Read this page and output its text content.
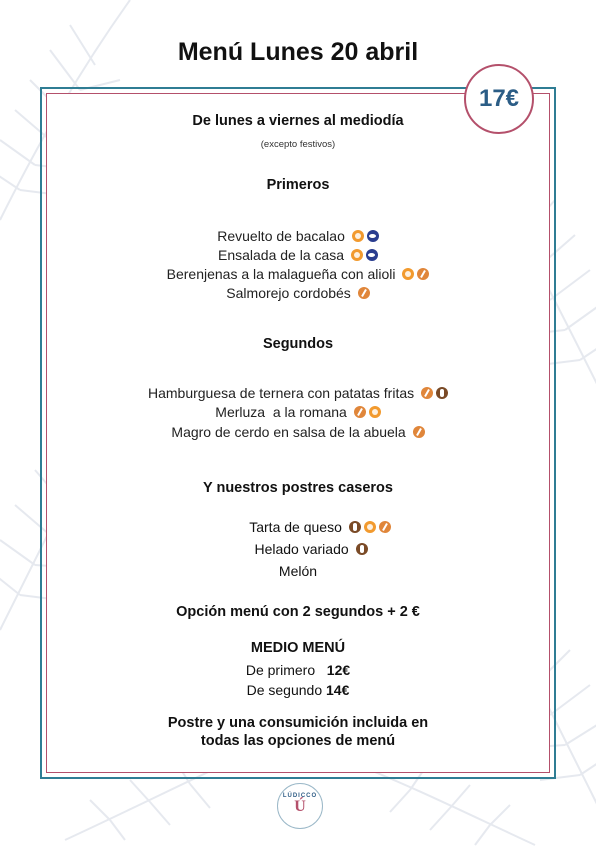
Menú Lunes 20 abril
17€
De lunes a viernes al mediodía
(excepto festivos)
Primeros
Revuelto de bacalao
Ensalada de la casa
Berenjenas a la malagueña con alioli
Salmorejo cordobés
Segundos
Hamburguesa de ternera con patatas fritas
Merluza  a la romana
Magro de cerdo en salsa de la abuela
Y nuestros postres caseros
Tarta de queso
Helado variado
Melón
Opción menú con 2 segundos + 2 €
MEDIO MENÚ
De primero 12€
De segundo 14€
Postre y una consumición incluida en
todas las opciones de menú
LÚDICCO
Ú
